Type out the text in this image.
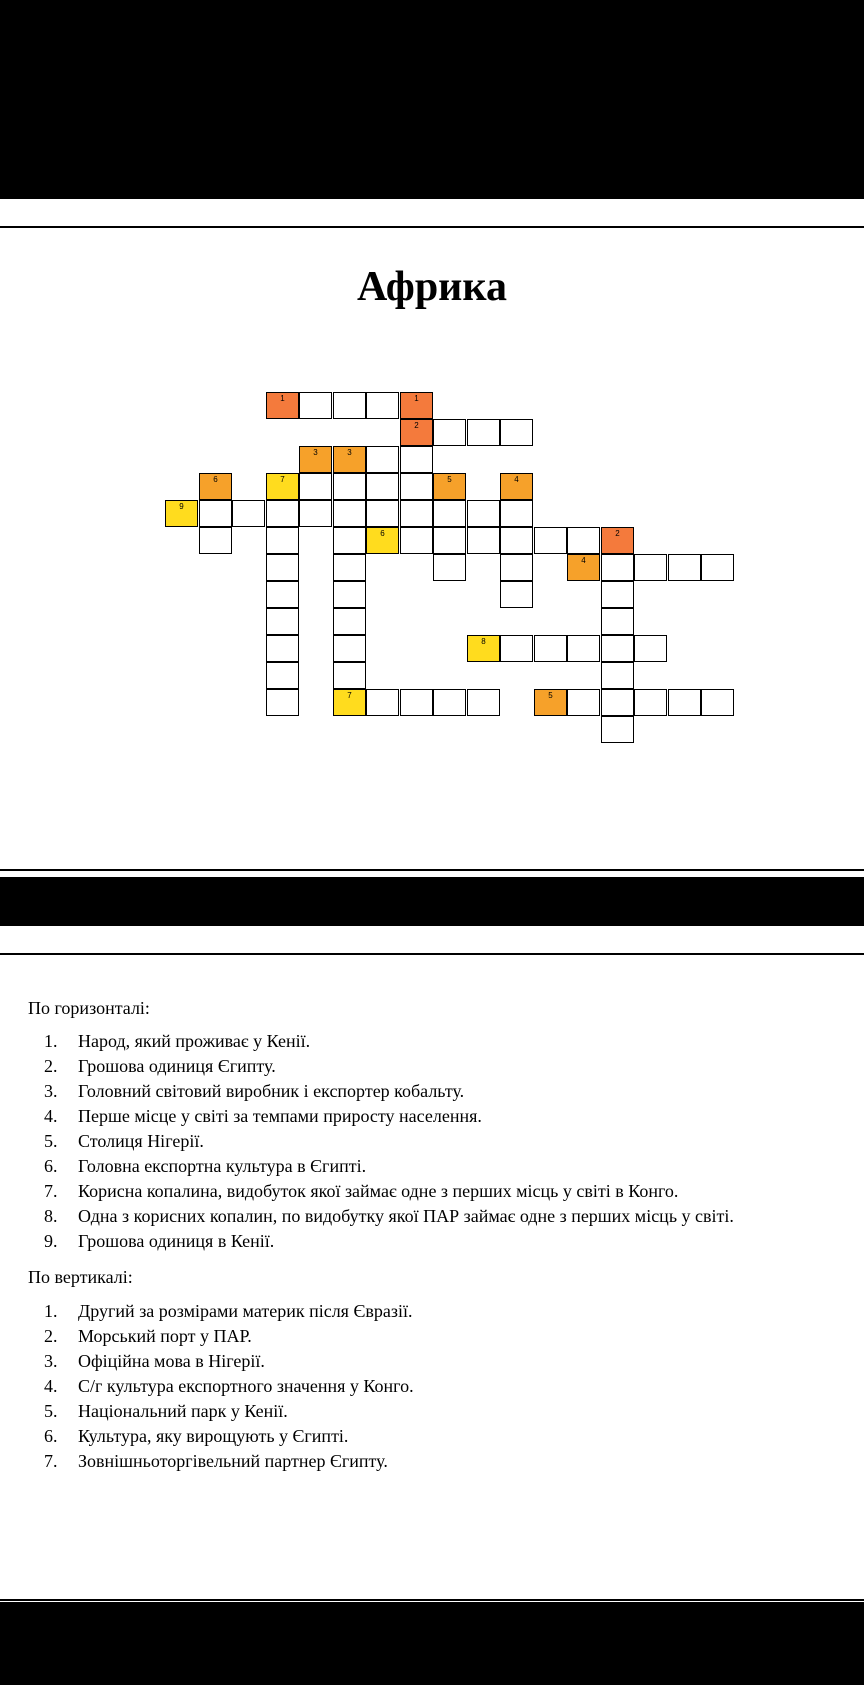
Африка
1	1
2
3	3
6	7	5	4
9
6	2
4
8
7	5
По горизонталі:
1. Народ, який проживає у Кенії.
2. Грошова одиниця Єгипту.
3. Головний світовий виробник і експортер кобальту.
4. Перше місце у світі за темпами приросту населення.
5. Столиця Нігерії.
6. Головна експортна культура в Єгипті.
7. Корисна копалина, видобуток якої займає одне з перших місць у світі в Конго.
8. Одна з корисних копалин, по видобутку якої ПАР займає одне з перших місць у світі.
9. Грошова одиниця в Кенії.
По вертикалі:
1. Другий за розмірами материк після Євразії.
2. Морський порт у ПАР.
3. Офіційна мова в Нігерії.
4. С/г культура експортного значення у Конго.
5. Національний парк у Кенії.
6. Культура, яку вирощують у Єгипті.
7. Зовнішньоторгівельний партнер Єгипту.
